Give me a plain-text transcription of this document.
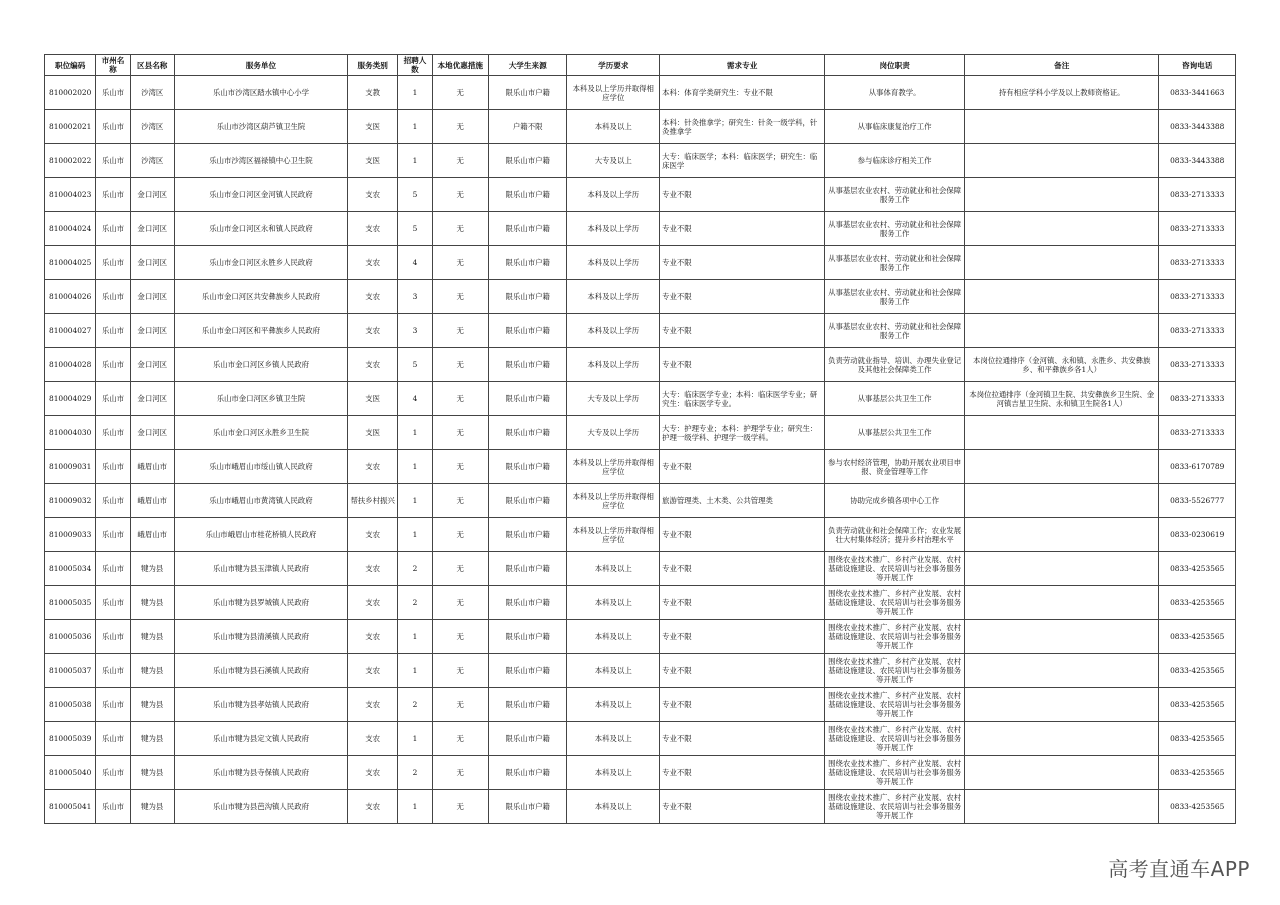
职位编码	市州名称	区县名称	服务单位	服务类别	招聘人数	本地优惠措施	大学生来源	学历要求	需求专业	岗位职责	备注	咨询电话
810002020	乐山市	沙湾区	乐山市沙湾区踏水镇中心小学	支教	1	无	限乐山市户籍	本科及以上学历并取得相应学位	本科：体育学类研究生：专业不限	从事体育教学。	持有相应学科小学及以上教师资格证。	0833-3441663
810002021	乐山市	沙湾区	乐山市沙湾区葫芦镇卫生院	支医	1	无	户籍不限	本科及以上	本科：针灸推拿学；研究生：针灸一级学科，针灸推拿学	从事临床康复治疗工作		0833-3443388
810002022	乐山市	沙湾区	乐山市沙湾区福禄镇中心卫生院	支医	1	无	限乐山市户籍	大专及以上	大专：临床医学；本科：临床医学；研究生：临床医学	参与临床诊疗相关工作		0833-3443388
810004023	乐山市	金口河区	乐山市金口河区金河镇人民政府	支农	5	无	限乐山市户籍	本科及以上学历	专业不限	从事基层农业农村、劳动就业和社会保障服务工作		0833-2713333
810004024	乐山市	金口河区	乐山市金口河区永和镇人民政府	支农	5	无	限乐山市户籍	本科及以上学历	专业不限	从事基层农业农村、劳动就业和社会保障服务工作		0833-2713333
810004025	乐山市	金口河区	乐山市金口河区永胜乡人民政府	支农	4	无	限乐山市户籍	本科及以上学历	专业不限	从事基层农业农村、劳动就业和社会保障服务工作		0833-2713333
810004026	乐山市	金口河区	乐山市金口河区共安彝族乡人民政府	支农	3	无	限乐山市户籍	本科及以上学历	专业不限	从事基层农业农村、劳动就业和社会保障服务工作		0833-2713333
810004027	乐山市	金口河区	乐山市金口河区和平彝族乡人民政府	支农	3	无	限乐山市户籍	本科及以上学历	专业不限	从事基层农业农村、劳动就业和社会保障服务工作		0833-2713333
810004028	乐山市	金口河区	乐山市金口河区乡镇人民政府	支农	5	无	限乐山市户籍	本科及以上学历	专业不限	负责劳动就业指导、培训、办理失业登记及其他社会保障类工作	本岗位拉通排序（金河镇、永和镇、永胜乡、共安彝族乡、和平彝族乡各1人）	0833-2713333
810004029	乐山市	金口河区	乐山市金口河区乡镇卫生院	支医	4	无	限乐山市户籍	大专及以上学历	大专：临床医学专业；本科：临床医学专业；研究生：临床医学专业。	从事基层公共卫生工作	本岗位拉通排序（金河镇卫生院、共安彝族乡卫生院、金河镇吉星卫生院、永和镇卫生院各1人）	0833-2713333
810004030	乐山市	金口河区	乐山市金口河区永胜乡卫生院	支医	1	无	限乐山市户籍	大专及以上学历	大专：护理专业；本科：护理学专业；研究生：护理一级学科、护理学一级学科。	从事基层公共卫生工作		0833-2713333
810009031	乐山市	峨眉山市	乐山市峨眉山市绥山镇人民政府	支农	1	无	限乐山市户籍	本科及以上学历并取得相应学位	专业不限	参与农村经济管理，协助开展农业项目申报、资金管理等工作		0833-6170789
810009032	乐山市	峨眉山市	乐山市峨眉山市黄湾镇人民政府	帮扶乡村振兴	1	无	限乐山市户籍	本科及以上学历并取得相应学位	旅游管理类、土木类、公共管理类	协助完成乡镇各项中心工作		0833-5526777
810009033	乐山市	峨眉山市	乐山市峨眉山市桂花桥镇人民政府	支农	1	无	限乐山市户籍	本科及以上学历并取得相应学位	专业不限	负责劳动就业和社会保障工作；农业发展壮大村集体经济；提升乡村治理水平		0833-0230619
810005034	乐山市	犍为县	乐山市犍为县玉津镇人民政府	支农	2	无	限乐山市户籍	本科及以上	专业不限	围绕农业技术推广、乡村产业发展、农村基础设施建设、农民培训与社会事务服务等开展工作		0833-4253565
810005035	乐山市	犍为县	乐山市犍为县罗城镇人民政府	支农	2	无	限乐山市户籍	本科及以上	专业不限	围绕农业技术推广、乡村产业发展、农村基础设施建设、农民培训与社会事务服务等开展工作		0833-4253565
810005036	乐山市	犍为县	乐山市犍为县清溪镇人民政府	支农	1	无	限乐山市户籍	本科及以上	专业不限	围绕农业技术推广、乡村产业发展、农村基础设施建设、农民培训与社会事务服务等开展工作		0833-4253565
810005037	乐山市	犍为县	乐山市犍为县石溪镇人民政府	支农	1	无	限乐山市户籍	本科及以上	专业不限	围绕农业技术推广、乡村产业发展、农村基础设施建设、农民培训与社会事务服务等开展工作		0833-4253565
810005038	乐山市	犍为县	乐山市犍为县孝姑镇人民政府	支农	2	无	限乐山市户籍	本科及以上	专业不限	围绕农业技术推广、乡村产业发展、农村基础设施建设、农民培训与社会事务服务等开展工作		0833-4253565
810005039	乐山市	犍为县	乐山市犍为县定文镇人民政府	支农	1	无	限乐山市户籍	本科及以上	专业不限	围绕农业技术推广、乡村产业发展、农村基础设施建设、农民培训与社会事务服务等开展工作		0833-4253565
810005040	乐山市	犍为县	乐山市犍为县寺保镇人民政府	支农	2	无	限乐山市户籍	本科及以上	专业不限	围绕农业技术推广、乡村产业发展、农村基础设施建设、农民培训与社会事务服务等开展工作		0833-4253565
810005041	乐山市	犍为县	乐山市犍为县芭沟镇人民政府	支农	1	无	限乐山市户籍	本科及以上	专业不限	围绕农业技术推广、乡村产业发展、农村基础设施建设、农民培训与社会事务服务等开展工作		0833-4253565
高考直通车APP
